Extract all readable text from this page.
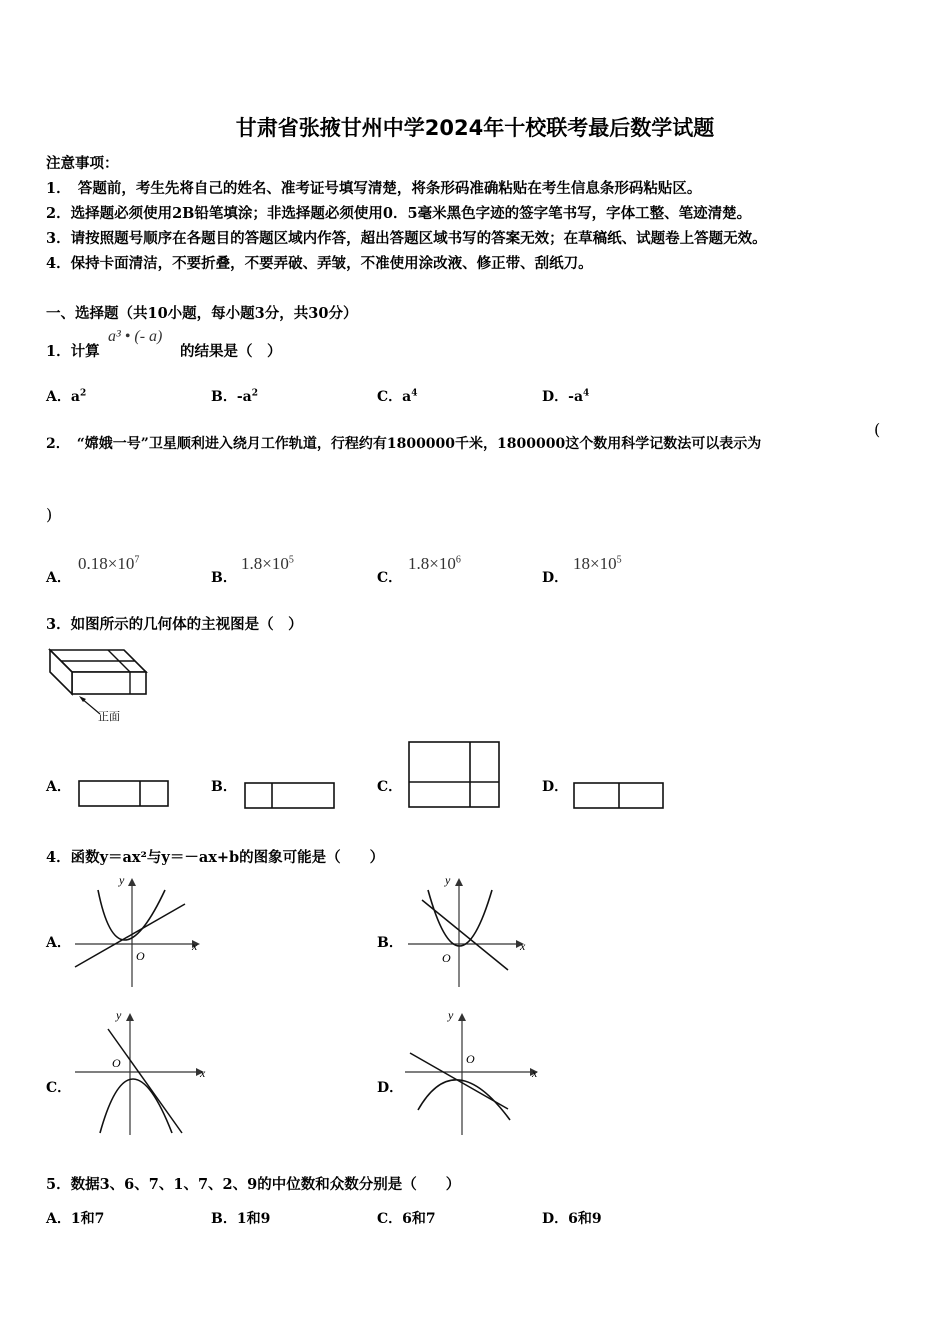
甘肃省张掖甘州中学2024年十校联考最后数学试题
注意事项：
1．　答题前，考生先将自己的姓名、准考证号填写清楚，将条形码准确粘贴在考生信息条形码粘贴区。
2．选择题必须使用2B铅笔填涂；非选择题必须使用0．5毫米黑色字迹的签字笔书写，字体工整、笔迹清楚。
3．请按照题号顺序在各题目的答题区域内作答，超出答题区域书写的答案无效；在草稿纸、试题卷上答题无效。
4．保持卡面清洁，不要折叠，不要弄破、弄皱，不准使用涂改液、修正带、刮纸刀。
一、选择题（共10小题，每小题3分，共30分）
1．计算
a³ • (- a)
的结果是（　）
A．$a^2$	B．$-a^2$	C．$a^4$	D．$-a^4$
2．　“嫦娥一号”卫星顺利进入绕月工作轨道，行程约有1800000千米，1800000这个数用科学记数法可以表示为
(
)
A．
$0.18\times 10^7$
B．
$1.8\times 10^5$
C．
$1.8\times 10^6$
D．
$18\times 10^5$
3．如图所示的几何体的主视图是（　）
正面
A．	B．	C．	D．
4．函数y＝ax²与y＝－ax+b的图象可能是（　　）
A．	x
y
O
B．	x
y
O
C．
x
y
O
D．
x
y
O
5．数据3、6、7、1、7、2、9的中位数和众数分别是（　　）
A．1和7	B．1和9	C．6和7	D．6和9
